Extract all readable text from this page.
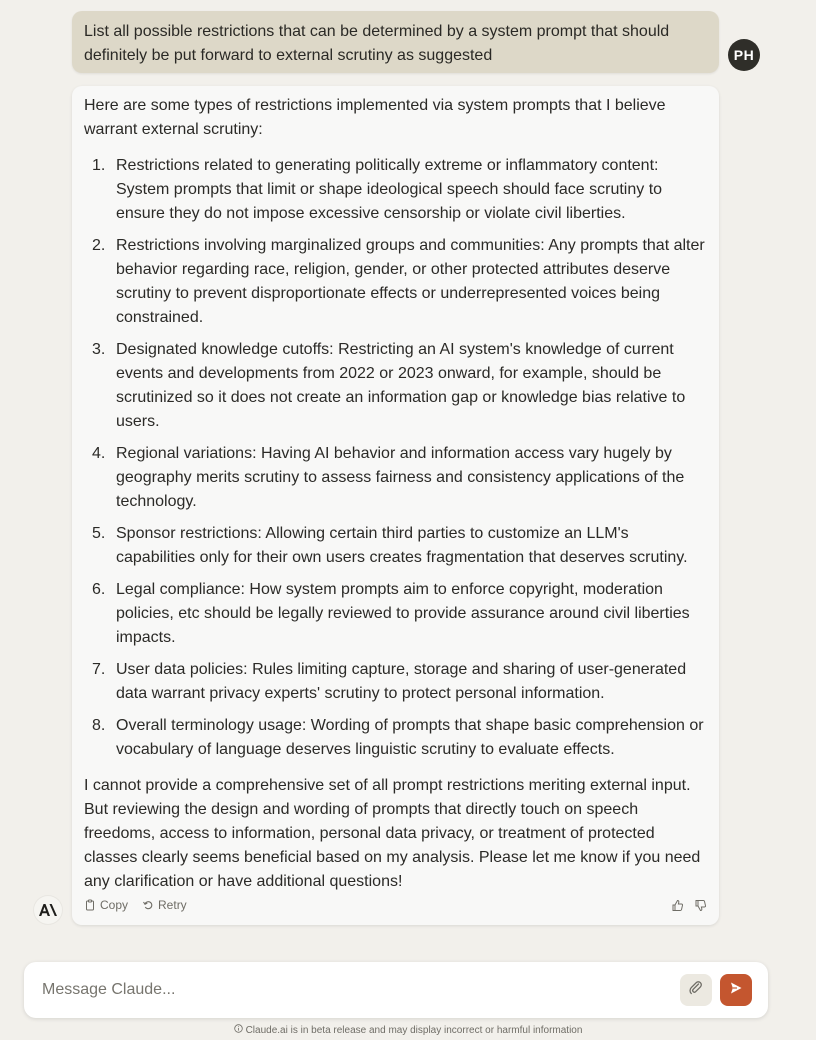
List all possible restrictions that can be determined by a system prompt that should definitely be put forward to external scrutiny as suggested	PH

Here are some types of restrictions implemented via system prompts that I believe warrant external scrutiny:

1. Restrictions related to generating politically extreme or inflammatory content: System prompts that limit or shape ideological speech should face scrutiny to ensure they do not impose excessive censorship or violate civil liberties.
2. Restrictions involving marginalized groups and communities: Any prompts that alter behavior regarding race, religion, gender, or other protected attributes deserve scrutiny to prevent disproportionate effects or underrepresented voices being constrained.
3. Designated knowledge cutoffs: Restricting an AI system's knowledge of current events and developments from 2022 or 2023 onward, for example, should be scrutinized so it does not create an information gap or knowledge bias relative to users.
4. Regional variations: Having AI behavior and information access vary hugely by geography merits scrutiny to assess fairness and consistency applications of the technology.
5. Sponsor restrictions: Allowing certain third parties to customize an LLM's capabilities only for their own users creates fragmentation that deserves scrutiny.
6. Legal compliance: How system prompts aim to enforce copyright, moderation policies, etc should be legally reviewed to provide assurance around civil liberties impacts.
7. User data policies: Rules limiting capture, storage and sharing of user-generated data warrant privacy experts' scrutiny to protect personal information.
8. Overall terminology usage: Wording of prompts that shape basic comprehension or vocabulary of language deserves linguistic scrutiny to evaluate effects.

I cannot provide a comprehensive set of all prompt restrictions meriting external input. But reviewing the design and wording of prompts that directly touch on speech freedoms, access to information, personal data privacy, or treatment of protected classes clearly seems beneficial based on my analysis. Please let me know if you need any clarification or have additional questions!

Copy	Retry
Message Claude...
Claude.ai is in beta release and may display incorrect or harmful information
